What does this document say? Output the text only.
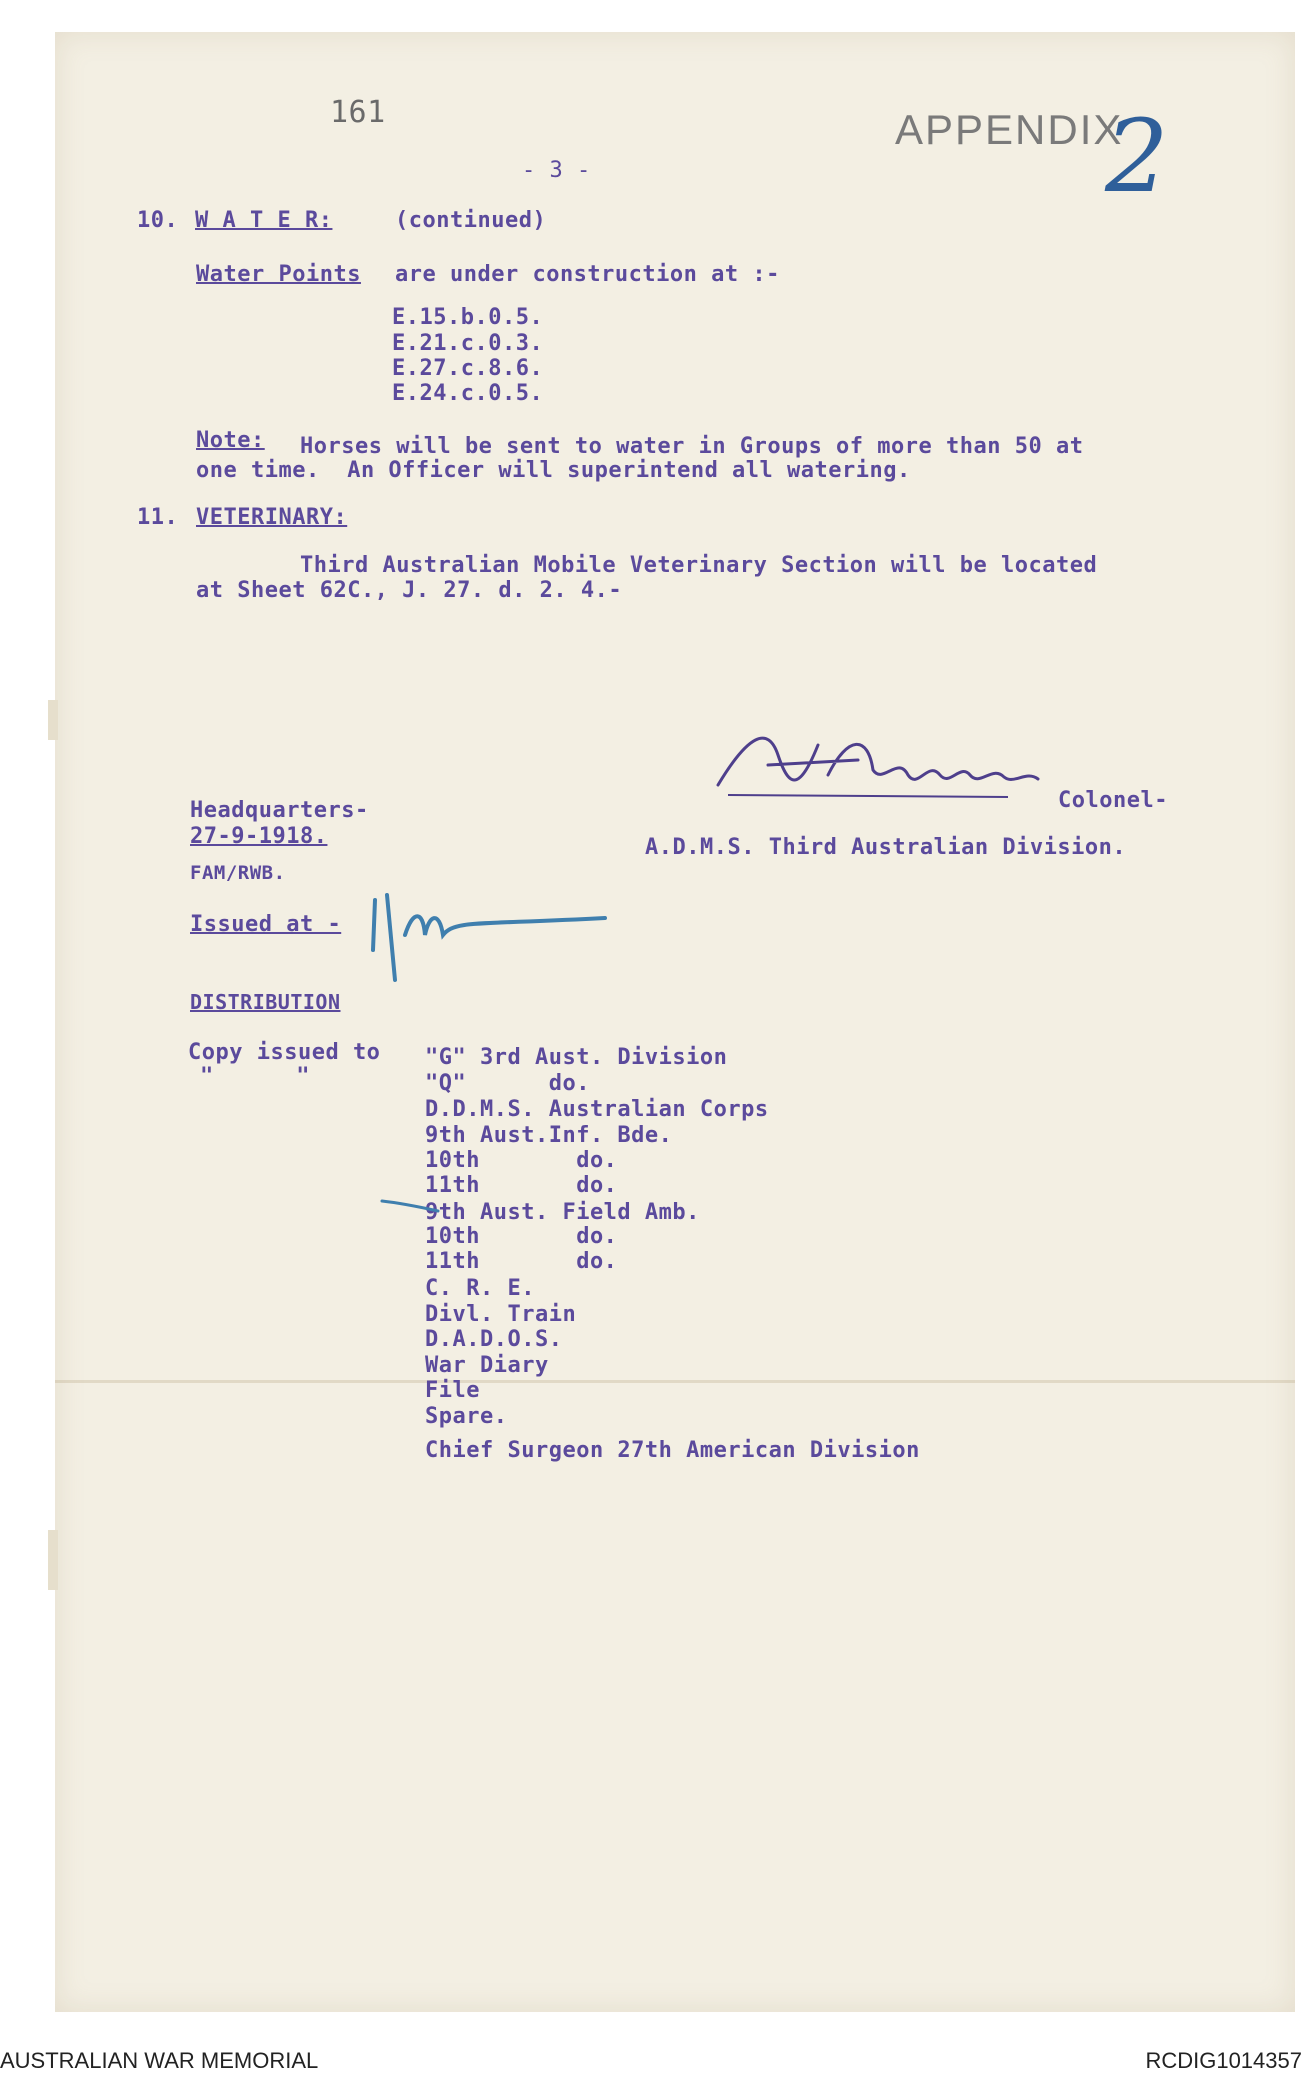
161	APPENDIX
2
- 3 -
10. W A T E R:	(continued)
Water Points are under construction at :-
E.15.b.0.5.
E.21.c.0.3.
E.27.c.8.6.
E.24.c.0.5.
Note: Horses will be sent to water in Groups of more than 50 at
one time.  An Officer will superintend all watering.
11. VETERINARY:
Third Australian Mobile Veterinary Section will be located
at Sheet 62C., J. 27. d. 2. 4.-
Colonel-
A.D.M.S. Third Australian Division.
Headquarters-
27-9-1918.
FAM/RWB.
Issued at -
DISTRIBUTION
Copy issued to
"      "
"G" 3rd Aust. Division
"Q"      do.
D.D.M.S. Australian Corps
9th Aust.Inf. Bde.
10th       do.
11th       do.
9th Aust. Field Amb.
10th       do.
11th       do.
C. R. E.
Divl. Train
D.A.D.O.S.
War Diary
File
Spare.
Chief Surgeon 27th American Division
AUSTRALIAN WAR MEMORIAL	RCDIG1014357
